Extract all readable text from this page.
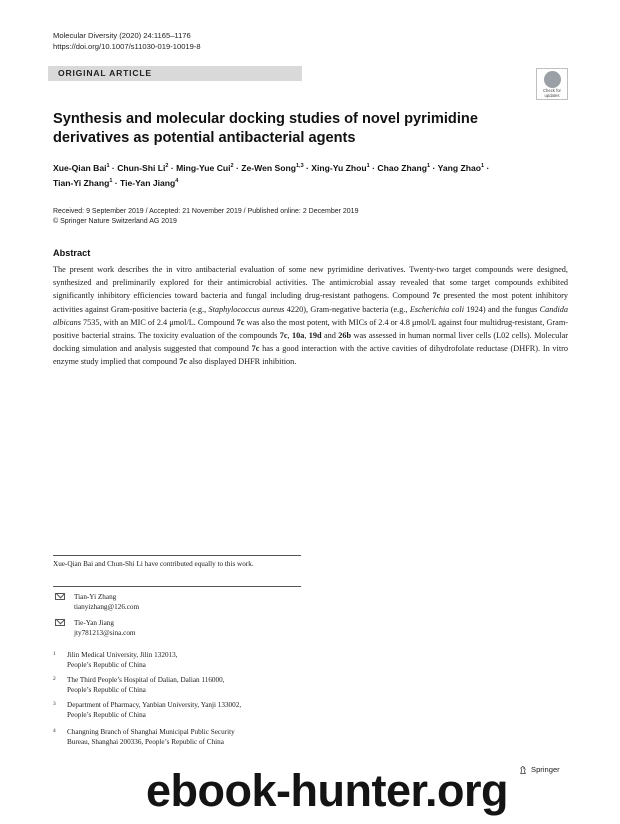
Molecular Diversity (2020) 24:1165–1176
https://doi.org/10.1007/s11030-019-10019-8
ORIGINAL ARTICLE
Check for
updates
Synthesis and molecular docking studies of novel pyrimidine
derivatives as potential antibacterial agents
Xue-Qian Bai$^1$ · Chun-Shi $Li^2$ · Ming-Yue Cui$^2$ · Ze-Wen Song$^{1,3}$ · Xing-Yu Zhou$^1$ · Chao Zhang$^1$ · Yang Zhao$^1$ ·
Tian-Yi Zhang$^1$ · Tie-Yan Jiang$^4$
Received: 9 September 2019 / Accepted: 21 November 2019 / Published online: 2 December 2019
© Springer Nature Switzerland AG 2019
Abstract
The present work describes the in vitro antibacterial evaluation of some new pyrimidine derivatives. Twenty-two target compounds were designed, synthesized and preliminarily explored for their antimicrobial activities. The antimicrobial assay revealed that some target compounds exhibited significantly inhibitory efficiencies toward bacteria and fungal including drug-resistant pathogens. Compound 7c presented the most potent inhibitory activities against Gram-positive bacteria (e.g., Staphylococcus aureus 4220), Gram-negative bacteria (e.g., Escherichia coli 1924) and the fungus Candida albicans 7535, with an MIC of 2.4 μmol/L. Compound 7c was also the most potent, with MICs of 2.4 or 4.8 μmol/L against four multidrug-resistant, Gram-positive bacterial strains. The toxicity evaluation of the compounds 7c, 10a, 19d and 26b was assessed in human normal liver cells (L02 cells). Molecular docking simulation and analysis suggested that compound 7c has a good interaction with the active cavities of dihydrofolate reductase (DHFR). In vitro enzyme study implied that compound 7c also displayed DHFR inhibition.
Xue-Qian Bai and Chun-Shi Li have contributed equally to this work.
Tian-Yi Zhang
tianyizhang@126.com
Tie-Yan Jiang
jty781213@sina.com
1 Jilin Medical University, Jilin 132013,
People’s Republic of China
2 The Third People’s Hospital of Dalian, Dalian 116000,
People’s Republic of China
3 Department of Pharmacy, Yanbian University, Yanji 133002,
People’s Republic of China
4 Changning Branch of Shanghai Municipal Public Security
Bureau, Shanghai 200336, People’s Republic of China
Springer
ebook-hunter.org
